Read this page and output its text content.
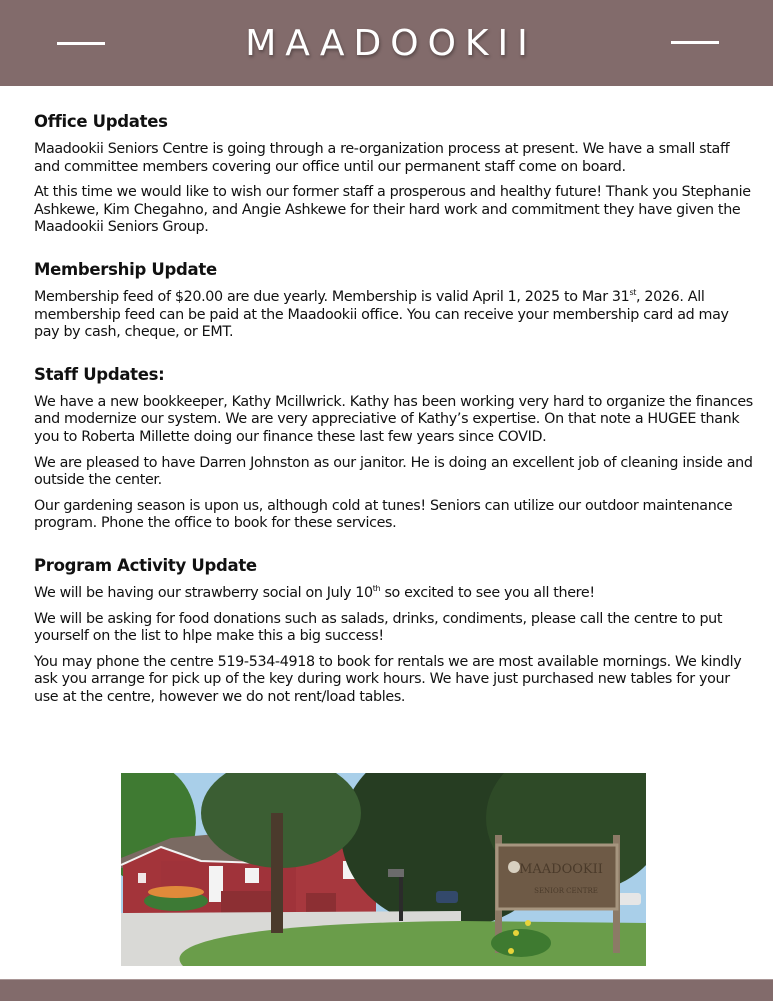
MAADOOKII
Office Updates

Maadookii Seniors Centre is going through a re-organization process at present. We have a small staff and committee members covering our office until our permanent staff come on board.

At this time we would like to wish our former staff a prosperous and healthy future! Thank you Stephanie Ashkewe, Kim Chegahno, and Angie Ashkewe for their hard work and commitment they have given the Maadookii Seniors Group.

Membership Update

Membership feed of $20.00 are due yearly. Membership is valid April 1, 2025 to Mar 31st, 2026. All membership feed can be paid at the Maadookii office. You can receive your membership card ad may pay by cash, cheque, or EMT.

Staff Updates:

We have a new bookkeeper, Kathy Mcillwrick. Kathy has been working very hard to organize the finances and modernize our system. We are very appreciative of Kathy’s expertise. On that note a HUGEE thank you to Roberta Millette doing our finance these last few years since COVID.

We are pleased to have Darren Johnston as our janitor. He is doing an excellent job of cleaning inside and outside the center.

Our gardening season is upon us, although cold at tunes! Seniors can utilize our outdoor maintenance program. Phone the office to book for these services.

Program Activity Update

We will be having our strawberry social on July 10th so excited to see you all there!

We will be asking for food donations such as salads, drinks, condiments, please call the centre to put yourself on the list to hlpe make this a big success!

You may phone the centre 519-534-4918 to book for rentals we are most available mornings. We kindly ask you arrange for pick up of the key during work hours. We have just purchased new tables for your use at the centre, however we do not rent/load tables.

MAADOOKII
SENIOR CENTRE
